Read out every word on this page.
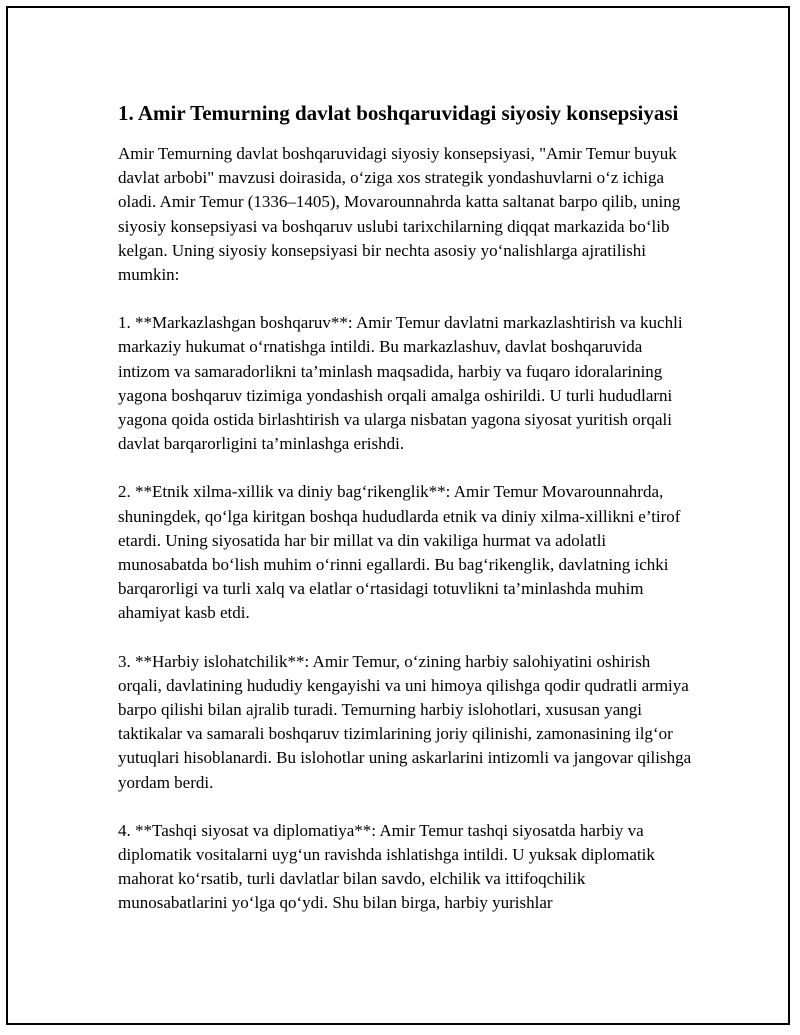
1. Amir Temurning davlat boshqaruvidagi siyosiy konsepsiyasi

Amir Temurning davlat boshqaruvidagi siyosiy konsepsiyasi, "Amir Temur buyuk davlat arbobi" mavzusi doirasida, o‘ziga xos strategik yondashuvlarni o‘z ichiga oladi. Amir Temur (1336–1405), Movarounnahrda katta saltanat barpo qilib, uning siyosiy konsepsiyasi va boshqaruv uslubi tarixchilarning diqqat markazida bo‘lib kelgan. Uning siyosiy konsepsiyasi bir nechta asosiy yo‘nalishlarga ajratilishi mumkin:

1. **Markazlashgan boshqaruv**: Amir Temur davlatni markazlashtirish va kuchli markaziy hukumat o‘rnatishga intildi. Bu markazlashuv, davlat boshqaruvida intizom va samaradorlikni ta’minlash maqsadida, harbiy va fuqaro idoralarining yagona boshqaruv tizimiga yondashish orqali amalga oshirildi. U turli hududlarni yagona qoida ostida birlashtirish va ularga nisbatan yagona siyosat yuritish orqali davlat barqarorligini ta’minlashga erishdi.

2. **Etnik xilma-xillik va diniy bag‘rikenglik**: Amir Temur Movarounnahrda, shuningdek, qo‘lga kiritgan boshqa hududlarda etnik va diniy xilma-xillikni e’tirof etardi. Uning siyosatida har bir millat va din vakiliga hurmat va adolatli munosabatda bo‘lish muhim o‘rinni egallardi. Bu bag‘rikenglik, davlatning ichki barqarorligi va turli xalq va elatlar o‘rtasidagi totuvlikni ta’minlashda muhim ahamiyat kasb etdi.

3. **Harbiy islohatchilik**: Amir Temur, o‘zining harbiy salohiyatini oshirish orqali, davlatining hududiy kengayishi va uni himoya qilishga qodir qudratli armiya barpo qilishi bilan ajralib turadi. Temurning harbiy islohotlari, xususan yangi taktikalar va samarali boshqaruv tizimlarining joriy qilinishi, zamonasining ilg‘or yutuqlari hisoblanardi. Bu islohotlar uning askarlarini intizomli va jangovar qilishga yordam berdi.

4. **Tashqi siyosat va diplomatiya**: Amir Temur tashqi siyosatda harbiy va diplomatik vositalarni uyg‘un ravishda ishlatishga intildi. U yuksak diplomatik mahorat ko‘rsatib, turli davlatlar bilan savdo, elchilik va ittifoqchilik munosabatlarini yo‘lga qo‘ydi. Shu bilan birga, harbiy yurishlar
